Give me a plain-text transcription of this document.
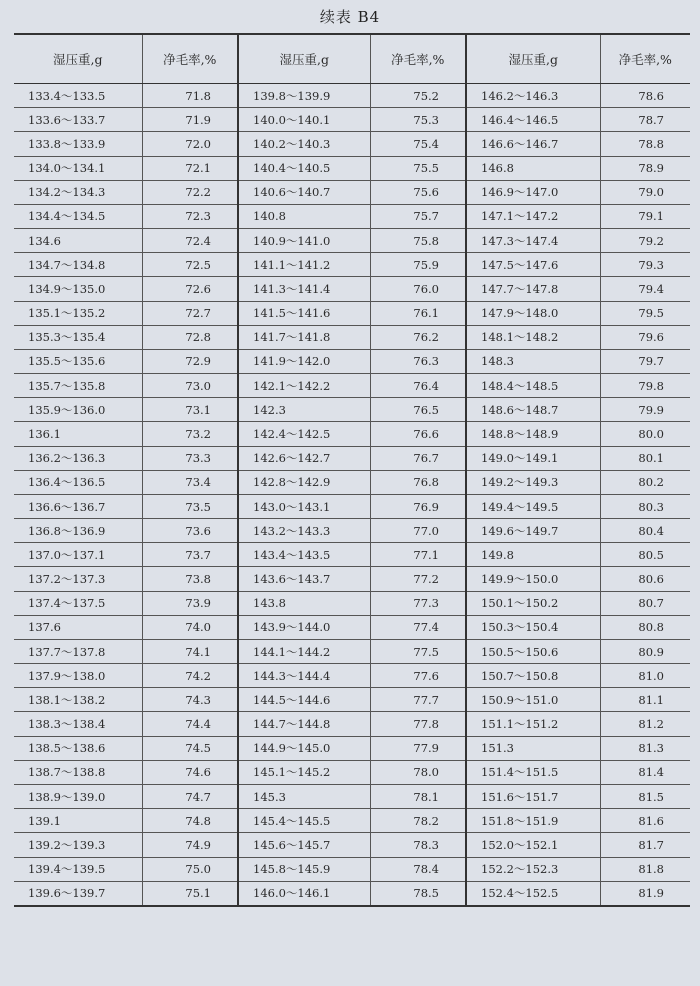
续表 B4
湿压重,g	净毛率,%	湿压重,g	净毛率,%	湿压重,g	净毛率,%
133.4～133.5	71.8	139.8～139.9	75.2	146.2～146.3	78.6
133.6～133.7	71.9	140.0～140.1	75.3	146.4～146.5	78.7
133.8～133.9	72.0	140.2～140.3	75.4	146.6～146.7	78.8
134.0～134.1	72.1	140.4～140.5	75.5	146.8	78.9
134.2～134.3	72.2	140.6～140.7	75.6	146.9～147.0	79.0
134.4～134.5	72.3	140.8	75.7	147.1～147.2	79.1
134.6	72.4	140.9～141.0	75.8	147.3～147.4	79.2
134.7～134.8	72.5	141.1～141.2	75.9	147.5～147.6	79.3
134.9～135.0	72.6	141.3～141.4	76.0	147.7～147.8	79.4
135.1～135.2	72.7	141.5～141.6	76.1	147.9～148.0	79.5
135.3～135.4	72.8	141.7～141.8	76.2	148.1～148.2	79.6
135.5～135.6	72.9	141.9～142.0	76.3	148.3	79.7
135.7～135.8	73.0	142.1～142.2	76.4	148.4～148.5	79.8
135.9～136.0	73.1	142.3	76.5	148.6～148.7	79.9
136.1	73.2	142.4～142.5	76.6	148.8～148.9	80.0
136.2～136.3	73.3	142.6～142.7	76.7	149.0～149.1	80.1
136.4～136.5	73.4	142.8～142.9	76.8	149.2～149.3	80.2
136.6～136.7	73.5	143.0～143.1	76.9	149.4～149.5	80.3
136.8～136.9	73.6	143.2～143.3	77.0	149.6～149.7	80.4
137.0～137.1	73.7	143.4～143.5	77.1	149.8	80.5
137.2～137.3	73.8	143.6～143.7	77.2	149.9～150.0	80.6
137.4～137.5	73.9	143.8	77.3	150.1～150.2	80.7
137.6	74.0	143.9～144.0	77.4	150.3～150.4	80.8
137.7～137.8	74.1	144.1～144.2	77.5	150.5～150.6	80.9
137.9～138.0	74.2	144.3～144.4	77.6	150.7～150.8	81.0
138.1～138.2	74.3	144.5～144.6	77.7	150.9～151.0	81.1
138.3～138.4	74.4	144.7～144.8	77.8	151.1～151.2	81.2
138.5～138.6	74.5	144.9～145.0	77.9	151.3	81.3
138.7～138.8	74.6	145.1～145.2	78.0	151.4～151.5	81.4
138.9～139.0	74.7	145.3	78.1	151.6～151.7	81.5
139.1	74.8	145.4～145.5	78.2	151.8～151.9	81.6
139.2～139.3	74.9	145.6～145.7	78.3	152.0～152.1	81.7
139.4～139.5	75.0	145.8～145.9	78.4	152.2～152.3	81.8
139.6～139.7	75.1	146.0～146.1	78.5	152.4～152.5	81.9
